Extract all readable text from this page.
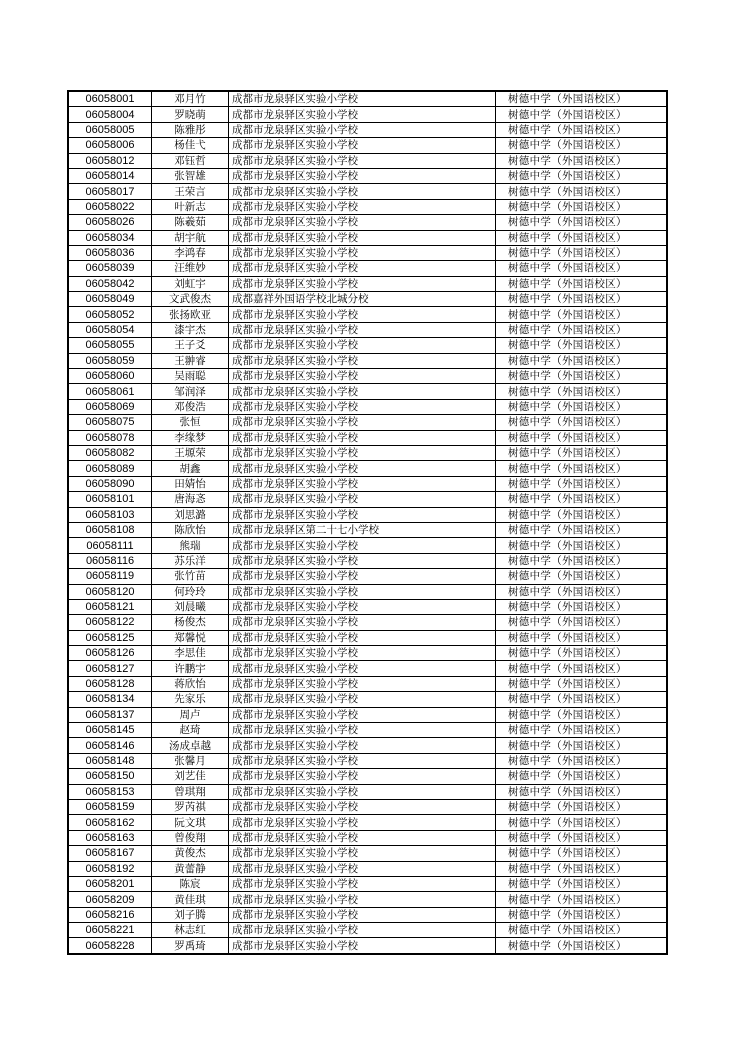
06058001	邓月竹	成都市龙泉驿区实验小学校	树德中学（外国语校区）
06058004	罗晓萌	成都市龙泉驿区实验小学校	树德中学（外国语校区）
06058005	陈雅彤	成都市龙泉驿区实验小学校	树德中学（外国语校区）
06058006	杨佳弋	成都市龙泉驿区实验小学校	树德中学（外国语校区）
06058012	邓钰哲	成都市龙泉驿区实验小学校	树德中学（外国语校区）
06058014	张智雄	成都市龙泉驿区实验小学校	树德中学（外国语校区）
06058017	王荣言	成都市龙泉驿区实验小学校	树德中学（外国语校区）
06058022	叶新志	成都市龙泉驿区实验小学校	树德中学（外国语校区）
06058026	陈羲茹	成都市龙泉驿区实验小学校	树德中学（外国语校区）
06058034	胡宇航	成都市龙泉驿区实验小学校	树德中学（外国语校区）
06058036	李鸿春	成都市龙泉驿区实验小学校	树德中学（外国语校区）
06058039	汪维妙	成都市龙泉驿区实验小学校	树德中学（外国语校区）
06058042	刘虹宇	成都市龙泉驿区实验小学校	树德中学（外国语校区）
06058049	文武俊杰	成都嘉祥外国语学校北城分校	树德中学（外国语校区）
06058052	张扬欧亚	成都市龙泉驿区实验小学校	树德中学（外国语校区）
06058054	漆宇杰	成都市龙泉驿区实验小学校	树德中学（外国语校区）
06058055	王子爻	成都市龙泉驿区实验小学校	树德中学（外国语校区）
06058059	王翀睿	成都市龙泉驿区实验小学校	树德中学（外国语校区）
06058060	吴雨聪	成都市龙泉驿区实验小学校	树德中学（外国语校区）
06058061	邹润泽	成都市龙泉驿区实验小学校	树德中学（外国语校区）
06058069	邓俊浩	成都市龙泉驿区实验小学校	树德中学（外国语校区）
06058075	张恒	成都市龙泉驿区实验小学校	树德中学（外国语校区）
06058078	李缘梦	成都市龙泉驿区实验小学校	树德中学（外国语校区）
06058082	王塬荣	成都市龙泉驿区实验小学校	树德中学（外国语校区）
06058089	胡鑫	成都市龙泉驿区实验小学校	树德中学（外国语校区）
06058090	田婧怡	成都市龙泉驿区实验小学校	树德中学（外国语校区）
06058101	唐海忞	成都市龙泉驿区实验小学校	树德中学（外国语校区）
06058103	刘思潞	成都市龙泉驿区实验小学校	树德中学（外国语校区）
06058108	陈欣怡	成都市龙泉驿区第二十七小学校	树德中学（外国语校区）
06058111	熊瑞	成都市龙泉驿区实验小学校	树德中学（外国语校区）
06058116	苏乐洋	成都市龙泉驿区实验小学校	树德中学（外国语校区）
06058119	张竹苗	成都市龙泉驿区实验小学校	树德中学（外国语校区）
06058120	何玲玲	成都市龙泉驿区实验小学校	树德中学（外国语校区）
06058121	刘晨曦	成都市龙泉驿区实验小学校	树德中学（外国语校区）
06058122	杨俊杰	成都市龙泉驿区实验小学校	树德中学（外国语校区）
06058125	郑馨悦	成都市龙泉驿区实验小学校	树德中学（外国语校区）
06058126	李思佳	成都市龙泉驿区实验小学校	树德中学（外国语校区）
06058127	许鹏宇	成都市龙泉驿区实验小学校	树德中学（外国语校区）
06058128	蒋欣怡	成都市龙泉驿区实验小学校	树德中学（外国语校区）
06058134	先家乐	成都市龙泉驿区实验小学校	树德中学（外国语校区）
06058137	周卢	成都市龙泉驿区实验小学校	树德中学（外国语校区）
06058145	赵琦	成都市龙泉驿区实验小学校	树德中学（外国语校区）
06058146	汤成卓越	成都市龙泉驿区实验小学校	树德中学（外国语校区）
06058148	张馨月	成都市龙泉驿区实验小学校	树德中学（外国语校区）
06058150	刘艺佳	成都市龙泉驿区实验小学校	树德中学（外国语校区）
06058153	曾琪翔	成都市龙泉驿区实验小学校	树德中学（外国语校区）
06058159	罗芮祺	成都市龙泉驿区实验小学校	树德中学（外国语校区）
06058162	阮文琪	成都市龙泉驿区实验小学校	树德中学（外国语校区）
06058163	曾俊翔	成都市龙泉驿区实验小学校	树德中学（外国语校区）
06058167	黄俊杰	成都市龙泉驿区实验小学校	树德中学（外国语校区）
06058192	黄蕾静	成都市龙泉驿区实验小学校	树德中学（外国语校区）
06058201	陈宸	成都市龙泉驿区实验小学校	树德中学（外国语校区）
06058209	黄佳琪	成都市龙泉驿区实验小学校	树德中学（外国语校区）
06058216	刘子腾	成都市龙泉驿区实验小学校	树德中学（外国语校区）
06058221	林志红	成都市龙泉驿区实验小学校	树德中学（外国语校区）
06058228	罗禹琦	成都市龙泉驿区实验小学校	树德中学（外国语校区）
